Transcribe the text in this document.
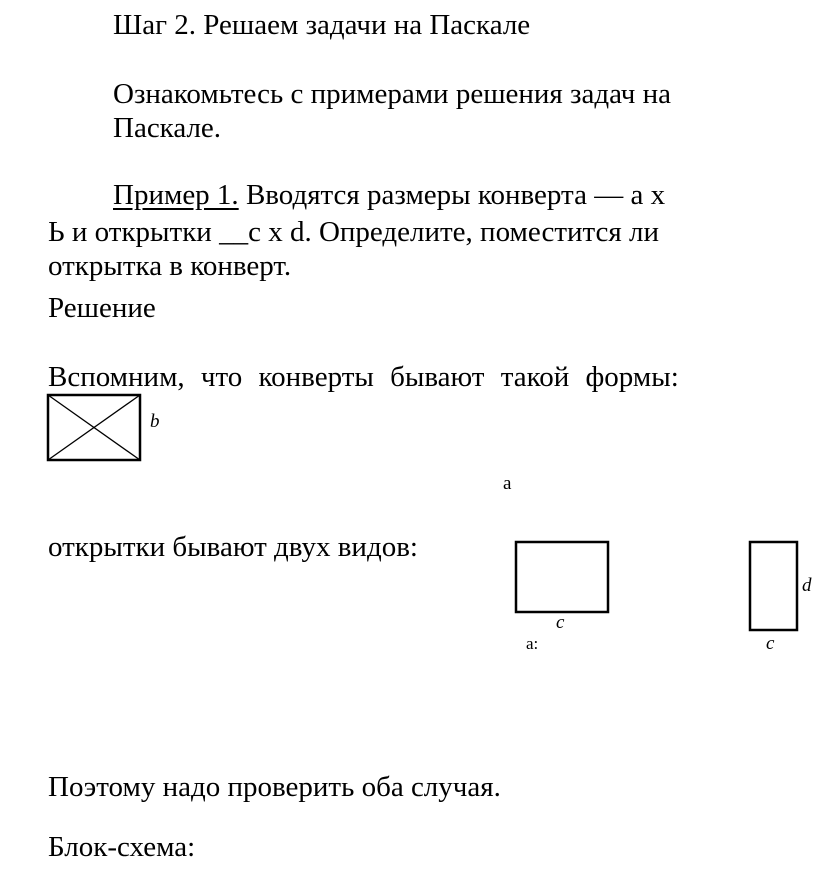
Шаг 2. Решаем задачи на Паскале
Ознакомьтесь с примерами решения задач на
Паскале.
Пример 1. Вводятся размеры конверта — a x
Ь и открытки __c x d. Определите, поместится ли
открытка в конверт.
Решение
Вспомним, что конверты бывают такой формы:
b
a
открытки бывают двух видов:
c
a:
d
c
Поэтому надо проверить оба случая.
Блок-схема:
